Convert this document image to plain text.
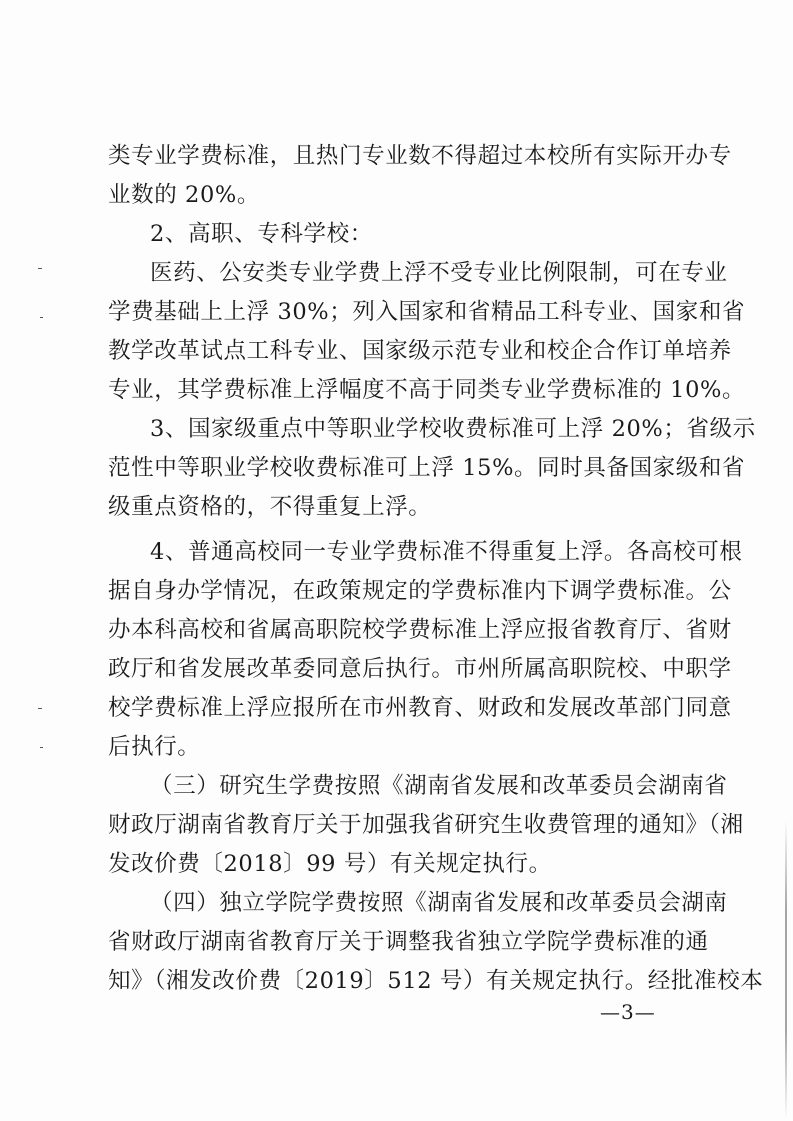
类专业学费标准，且热门专业数不得超过本校所有实际开办专
业数的 20%。
2、高职、专科学校：
医药、公安类专业学费上浮不受专业比例限制，可在专业
学费基础上上浮 30%；列入国家和省精品工科专业、国家和省
教学改革试点工科专业、国家级示范专业和校企合作订单培养
专业，其学费标准上浮幅度不高于同类专业学费标准的 10%。
3、国家级重点中等职业学校收费标准可上浮 20%；省级示
范性中等职业学校收费标准可上浮 15%。同时具备国家级和省
级重点资格的，不得重复上浮。
4、普通高校同一专业学费标准不得重复上浮。各高校可根
据自身办学情况，在政策规定的学费标准内下调学费标准。公
办本科高校和省属高职院校学费标准上浮应报省教育厅、省财
政厅和省发展改革委同意后执行。市州所属高职院校、中职学
校学费标准上浮应报所在市州教育、财政和发展改革部门同意
后执行。
（三）研究生学费按照《湖南省发展和改革委员会湖南省
财政厅湖南省教育厅关于加强我省研究生收费管理的通知》（湘
发改价费〔2018〕99 号）有关规定执行。
（四）独立学院学费按照《湖南省发展和改革委员会湖南
省财政厅湖南省教育厅关于调整我省独立学院学费标准的通
知》（湘发改价费〔2019〕512 号）有关规定执行。经批准校本
—3—
